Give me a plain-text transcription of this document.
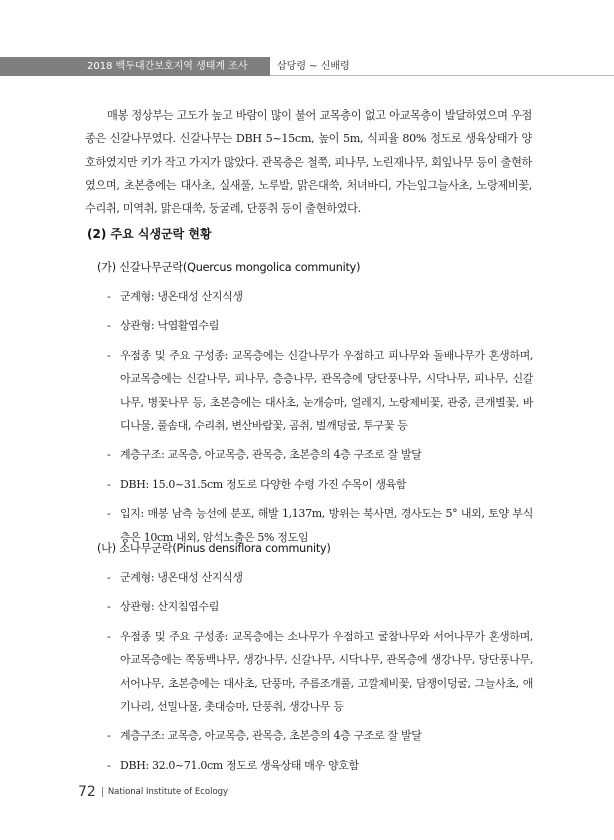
2018 백두대간보호지역 생태계 조사	삽당령 ~ 신배령

매봉 정상부는 고도가 높고 바람이 많이 불어 교목층이 없고 아교목층이 발달하였으며 우점종은 신갈나무였다. 신갈나무는 DBH 5~15cm, 높이 5m, 식피율 80% 정도로 생육상태가 양호하였지만 키가 작고 가지가 많았다. 관목층은 철쭉, 피나무, 노린재나무, 회잎나무 등이 출현하였으며, 초본층에는 대사초, 실새풀, 노루발, 맑은대쑥, 처녀바디, 가는잎그늘사초, 노랑제비꽃, 수리취, 미역취, 맑은대쑥, 둥굴레, 단풍취 등이 출현하였다.

(2) 주요 식생군락 현황
(가) 신갈나무군락(Quercus mongolica community)
- 군계형: 냉온대성 산지식생
- 상관형: 낙엽활엽수림
- 우점종 및 주요 구성종: 교목층에는 신갈나무가 우점하고 피나무와 돌배나무가 혼생하며, 아교목층에는 신갈나무, 피나무, 층층나무, 관목층에 당단풍나무, 시닥나무, 피나무, 신갈나무, 병꽃나무 등, 초본층에는 대사초, 눈개승마, 얼레지, 노랑제비꽃, 관중, 큰개별꽃, 바디나물, 풀솜대, 수리취, 변산바람꽃, 곰취, 벌깨덩굴, 투구꽃 등
- 계층구조: 교목층, 아교목층, 관목층, 초본층의 4층 구조로 잘 발달
- DBH: 15.0~31.5cm 정도로 다양한 수령 가진 수목이 생육함
- 입지: 매봉 남측 능선에 분포, 해발 1,137m, 방위는 북사면, 경사도는 5° 내외, 토양 부식층은 10cm 내외, 암석노출은 5% 정도임
(나) 소나무군락(Pinus densiflora community)
- 군계형: 냉온대성 산지식생
- 상관형: 산지침엽수림
- 우점종 및 주요 구성종: 교목층에는 소나무가 우점하고 굴참나무와 서어나무가 혼생하며, 아교목층에는 쪽동백나무, 생강나무, 신갈나무, 시닥나무, 관목층에 생강나무, 당단풍나무, 서어나무, 초본층에는 대사초, 단풍마, 주름조개풀, 고깔제비꽃, 담쟁이덩굴, 그늘사초, 애기나리, 선밀나물, 촛대승마, 단풍취, 생강나무 등
- 계층구조: 교목층, 아교목층, 관목층, 초본층의 4층 구조로 잘 발달
- DBH: 32.0~71.0cm 정도로 생육상태 매우 양호함
72 National Institute of Ecology
